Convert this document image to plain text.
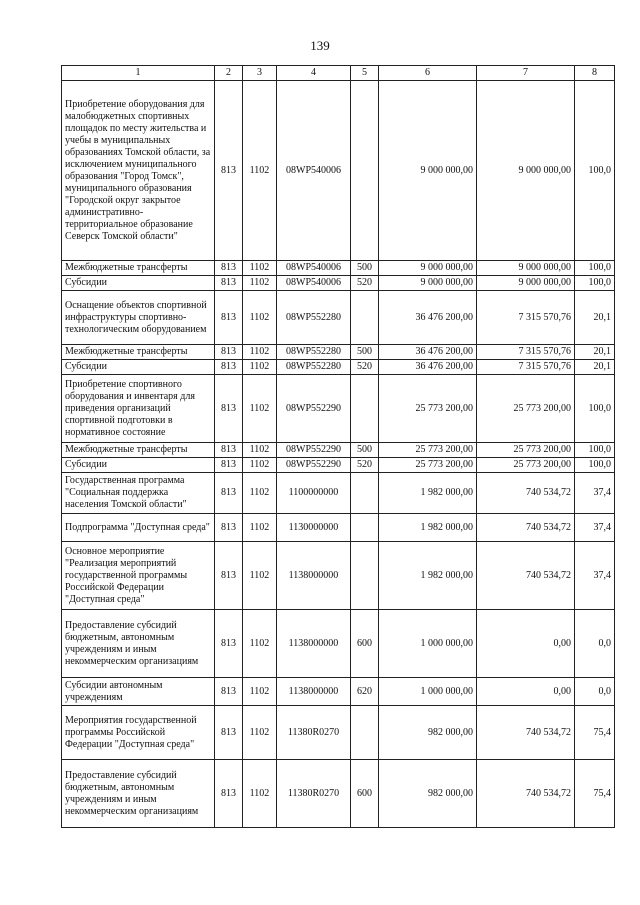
139
1	2	3	4	5	6	7	8
Приобретение оборудования для малобюджетных спортивных площадок по месту жительства и учебы в муниципальных образованиях Томской области, за исключением муниципального образования "Город Томск", муниципального образования "Городской округ закрытое административно-территориальное образование Северск Томской области"	813	1102	08WP540006		9 000 000,00	9 000 000,00	100,0
Межбюджетные трансферты	813	1102	08WP540006	500	9 000 000,00	9 000 000,00	100,0
Субсидии	813	1102	08WP540006	520	9 000 000,00	9 000 000,00	100,0
Оснащение объектов спортивной инфраструктуры спортивно-технологическим оборудованием	813	1102	08WP552280		36 476 200,00	7 315 570,76	20,1
Межбюджетные трансферты	813	1102	08WP552280	500	36 476 200,00	7 315 570,76	20,1
Субсидии	813	1102	08WP552280	520	36 476 200,00	7 315 570,76	20,1
Приобретение спортивного оборудования и инвентаря для приведения организаций спортивной подготовки в нормативное состояние	813	1102	08WP552290		25 773 200,00	25 773 200,00	100,0
Межбюджетные трансферты	813	1102	08WP552290	500	25 773 200,00	25 773 200,00	100,0
Субсидии	813	1102	08WP552290	520	25 773 200,00	25 773 200,00	100,0
Государственная программа "Социальная поддержка населения Томской области"	813	1102	1100000000		1 982 000,00	740 534,72	37,4
Подпрограмма "Доступная среда"	813	1102	1130000000		1 982 000,00	740 534,72	37,4
Основное мероприятие "Реализация мероприятий государственной программы Российской Федерации "Доступная среда"	813	1102	1138000000		1 982 000,00	740 534,72	37,4
Предоставление субсидий бюджетным, автономным учреждениям и иным некоммерческим организациям	813	1102	1138000000	600	1 000 000,00	0,00	0,0
Субсидии автономным учреждениям	813	1102	1138000000	620	1 000 000,00	0,00	0,0
Мероприятия государственной программы Российской Федерации "Доступная среда"	813	1102	11380R0270		982 000,00	740 534,72	75,4
Предоставление субсидий бюджетным, автономным учреждениям и иным некоммерческим организациям	813	1102	11380R0270	600	982 000,00	740 534,72	75,4
